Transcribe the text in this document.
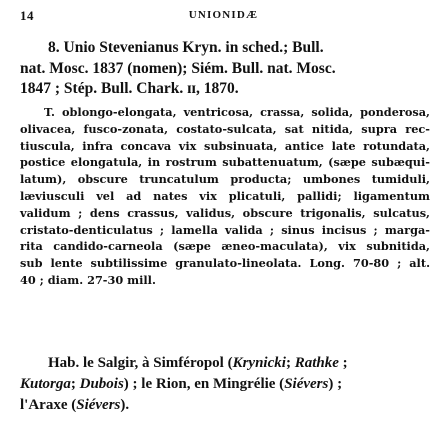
14	UNIONIDÆ
8. Unio Stevenianus Kryn. in sched.; Bull.
nat. Mosc. 1837 (nomen); Siém. Bull. nat. Mosc.
1847 ; Stép. Bull. Chark. ɪɪ, 1870.
T. oblongo-elongata, ventricosa, crassa, solida, ponderosa,
olivacea, fusco-zonata, costato-sulcata, sat nitida, supra rec-
tiuscula, infra concava vix subsinuata, antice late rotundata,
postice elongatula, in rostrum subattenuatum, (sæpe subæqui-
latum), obscure truncatulum producta; umbones tumiduli,
læviusculi vel ad nates vix plicatuli, pallidi; ligamentum
validum ; dens crassus, validus, obscure trigonalis, sulcatus,
cristato-denticulatus ; lamella valida ; sinus incisus ; marga-
rita candido-carneola (sæpe æneo-maculata), vix subnitida,
sub lente subtilissime granulato-lineolata. Long. 70-80 ; alt.
40 ; diam. 27-30 mill.
Hab. le Salgir, à Simféropol (Krynicki; Rathke ;
Kutorga; Dubois) ; le Rion, en Mingrélie (Siévers) ;
l'Araxe (Siévers).
